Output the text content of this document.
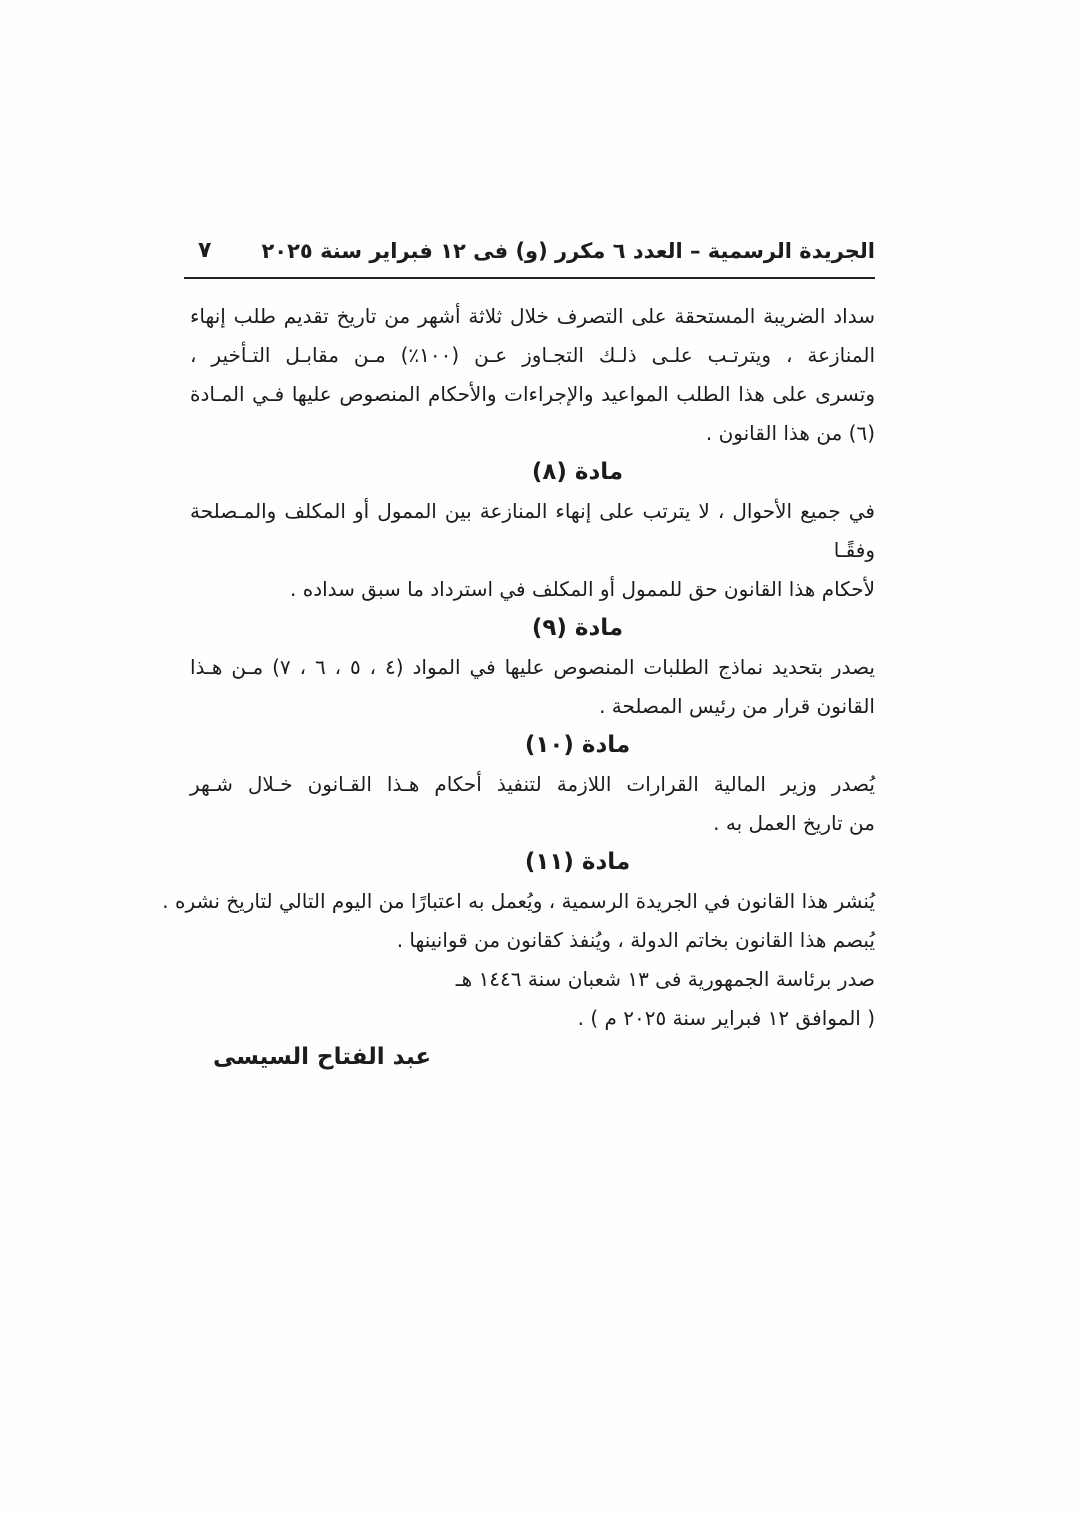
الجريدة الرسمية – العدد ٦ مكرر (و) فى ١٢ فبراير سنة ٢٠٢٥
٧
سداد الضريبة المستحقة على التصرف خلال ثلاثة أشهر من تاريخ تقديم طلب إنهاء
المنازعة ، ويترتـب علـى ذلـك التجـاوز عـن (١٠٠٪) مـن مقابـل التـأخير ،
وتسرى على هذا الطلب المواعيد والإجراءات والأحكام المنصوص عليها فـي المـادة
(٦) من هذا القانون .
مادة (٨)
في جميع الأحوال ، لا يترتب على إنهاء المنازعة بين الممول أو المكلف والمـصلحة وفقًـا
لأحكام هذا القانون حق للممول أو المكلف في استرداد ما سبق سداده .
مادة (٩)
يصدر بتحديد نماذج الطلبات المنصوص عليها في المواد (٤ ، ٥ ، ٦ ، ٧) مـن هـذا
القانون قرار من رئيس المصلحة .
مادة (١٠)
يُصدر وزير المالية القرارات اللازمة لتنفيذ أحكام هـذا القـانون خـلال شـهر
من تاريخ العمل به .
مادة (١١)
يُنشر هذا القانون في الجريدة الرسمية ، ويُعمل به اعتبارًا من اليوم التالي لتاريخ نشره .
يُبصم هذا القانون بخاتم الدولة ، ويُنفذ كقانون من قوانينها .
صدر برئاسة الجمهورية فى ١٣ شعبان سنة ١٤٤٦ هـ
( الموافق ١٢ فبراير سنة ٢٠٢٥ م ) .
عبد الفتاح السيسى
